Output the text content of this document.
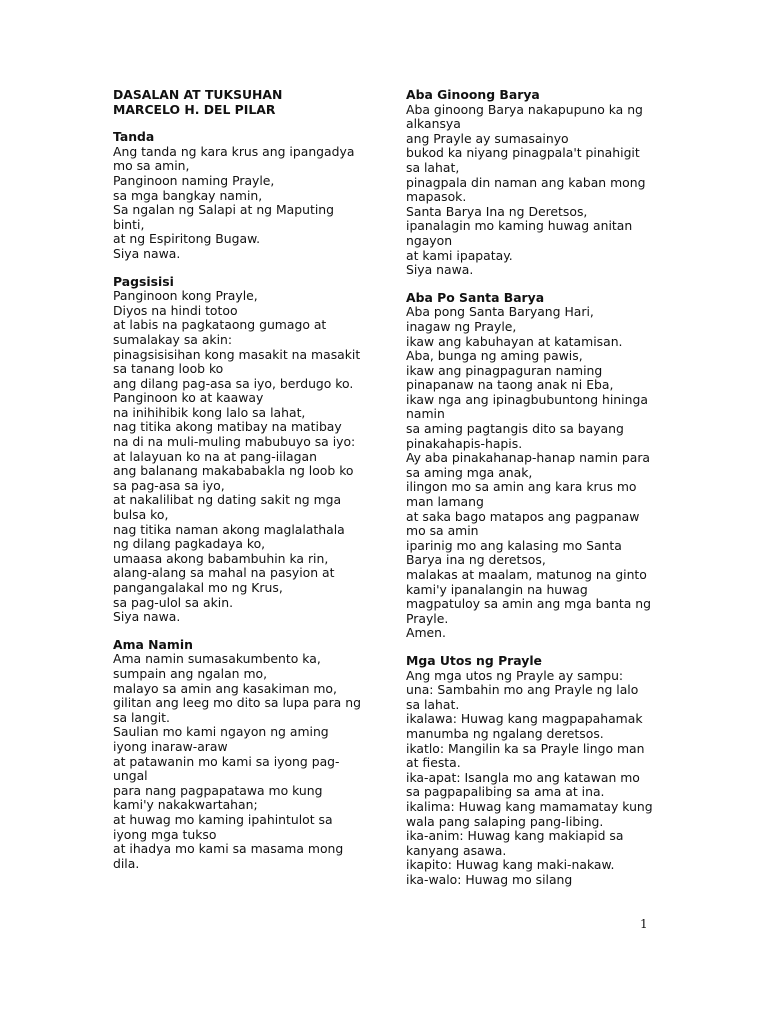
DASALAN AT TUKSUHAN
MARCELO H. DEL PILAR
Tanda
Ang tanda ng kara krus ang ipangadya mo sa amin,
Panginoon naming Prayle,
sa mga bangkay namin,
Sa ngalan ng Salapi at ng Maputing binti,
at ng Espiritong Bugaw.
Siya nawa.
Pagsisisi
Panginoon kong Prayle,
Diyos na hindi totoo
at labis na pagkataong gumago at sumalakay sa akin:
pinagsisisihan kong masakit na masakit sa tanang loob ko
ang dilang pag-asa sa iyo, berdugo ko.
Panginoon ko at kaaway
na inihihibik kong lalo sa lahat,
nag titika akong matibay na matibay
na di na muli-muling mabubuyo sa iyo:
at lalayuan ko na at pang-iilagan
ang balanang makababakla ng loob ko sa pag-asa sa iyo,
at nakalilibat ng dating sakit ng mga bulsa ko,
nag titika naman akong maglalathala ng dilang pagkadaya ko,
umaasa akong babambuhin ka rin,
alang-alang sa mahal na pasyion at pangangalakal mo ng Krus,
sa pag-ulol sa akin.
Siya nawa.
Ama Namin
Ama namin sumasakumbento ka,
sumpain ang ngalan mo,
malayo sa amin ang kasakiman mo,
gilitan ang leeg mo dito sa lupa para ng sa langit.
Saulian mo kami ngayon ng aming iyong inaraw-araw
at patawanin mo kami sa iyong pag-ungal
para nang pagpapatawa mo kung kami'y nakakwartahan;
at huwag mo kaming ipahintulot sa iyong mga tukso
at ihadya mo kami sa masama mong dila.
Aba Ginoong Barya
Aba ginoong Barya nakapupuno ka ng alkansya
ang Prayle ay sumasainyo
bukod ka niyang pinagpala't pinahigit sa lahat,
pinagpala din naman ang kaban mong mapasok.
Santa Barya Ina ng Deretsos,
ipanalagin mo kaming huwag anitan ngayon
at kami ipapatay.
Siya nawa.
Aba Po Santa Barya
Aba pong Santa Baryang Hari,
inagaw ng Prayle,
ikaw ang kabuhayan at katamisan.
Aba, bunga ng aming pawis,
ikaw ang pinagpaguran naming
pinapanaw na taong anak ni Eba,
ikaw nga ang ipinagbubuntong hininga namin
sa aming pagtangis dito sa bayang pinakahapis-hapis.
Ay aba pinakahanap-hanap namin para sa aming mga anak,
ilingon mo sa amin ang kara krus mo man lamang
at saka bago matapos ang pagpanaw mo sa amin
iparinig mo ang kalasing mo Santa Barya ina ng deretsos,
malakas at maalam, matunog na ginto kami'y ipanalangin na huwag magpatuloy sa amin ang mga banta ng Prayle.
Amen.
Mga Utos ng Prayle
Ang mga utos ng Prayle ay sampu:
una: Sambahin mo ang Prayle ng lalo sa lahat.
ikalawa: Huwag kang magpapahamak manumba ng ngalang deretsos.
ikatlo: Mangilin ka sa Prayle lingo man at fiesta.
ika-apat: Isangla mo ang katawan mo sa pagpapalibing sa ama at ina.
ikalima: Huwag kang mamamatay kung wala pang salaping pang-libing.
ika-anim: Huwag kang makiapid sa kanyang asawa.
ikapito: Huwag kang maki-nakaw.
ika-walo: Huwag mo silang
1
